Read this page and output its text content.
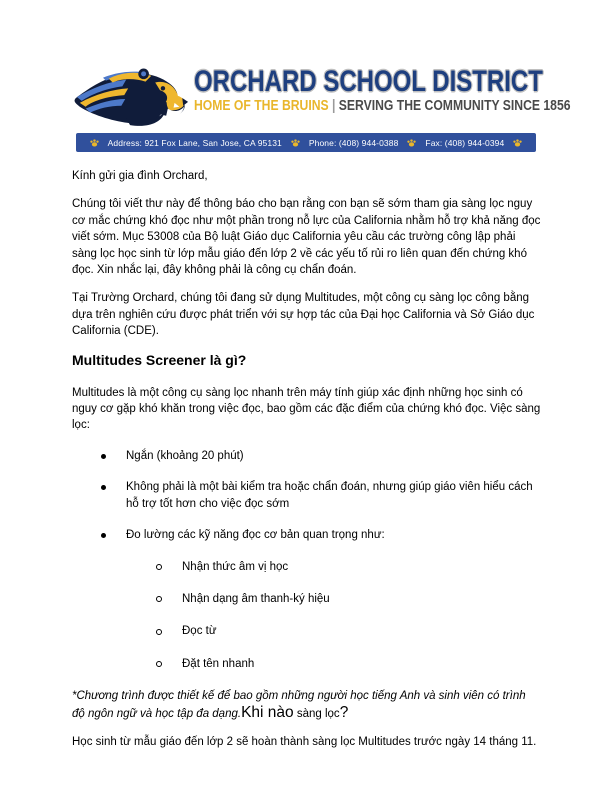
ORCHARD SCHOOL DISTRICT
HOME OF THE BRUINS | SERVING THE COMMUNITY SINCE 1856
Address: 921 Fox Lane, San Jose, CA 95131	Phone: (408) 944-0388	Fax: (408) 944-0394

Kính gửi gia đình Orchard,

Chúng tôi viết thư này để thông báo cho bạn rằng con bạn sẽ sớm tham gia sàng lọc nguy cơ mắc chứng khó đọc như một phần trong nỗ lực của California nhằm hỗ trợ khả năng đọc viết sớm. Mục 53008 của Bộ luật Giáo dục California yêu cầu các trường công lập phải sàng lọc học sinh từ lớp mẫu giáo đến lớp 2 về các yếu tố rủi ro liên quan đến chứng khó đọc. Xin nhắc lại, đây không phải là công cụ chẩn đoán.

Tại Trường Orchard, chúng tôi đang sử dụng Multitudes, một công cụ sàng lọc công bằng dựa trên nghiên cứu được phát triển với sự hợp tác của Đại học California và Sở Giáo dục California (CDE).

Multitudes Screener là gì?

Multitudes là một công cụ sàng lọc nhanh trên máy tính giúp xác định những học sinh có nguy cơ gặp khó khăn trong việc đọc, bao gồm các đặc điểm của chứng khó đọc. Việc sàng lọc:

Ngắn (khoảng 20 phút)
Không phải là một bài kiểm tra hoặc chẩn đoán, nhưng giúp giáo viên hiểu cách hỗ trợ tốt hơn cho việc đọc sớm
Đo lường các kỹ năng đọc cơ bản quan trọng như:
Nhận thức âm vị học
Nhận dạng âm thanh-ký hiệu
Đọc từ
Đặt tên nhanh

*Chương trình được thiết kế để bao gồm những người học tiếng Anh và sinh viên có trình độ ngôn ngữ và học tập đa dạng.Khi nào sàng lọc?

Học sinh từ mẫu giáo đến lớp 2 sẽ hoàn thành sàng lọc Multitudes trước ngày 14 tháng 11.
